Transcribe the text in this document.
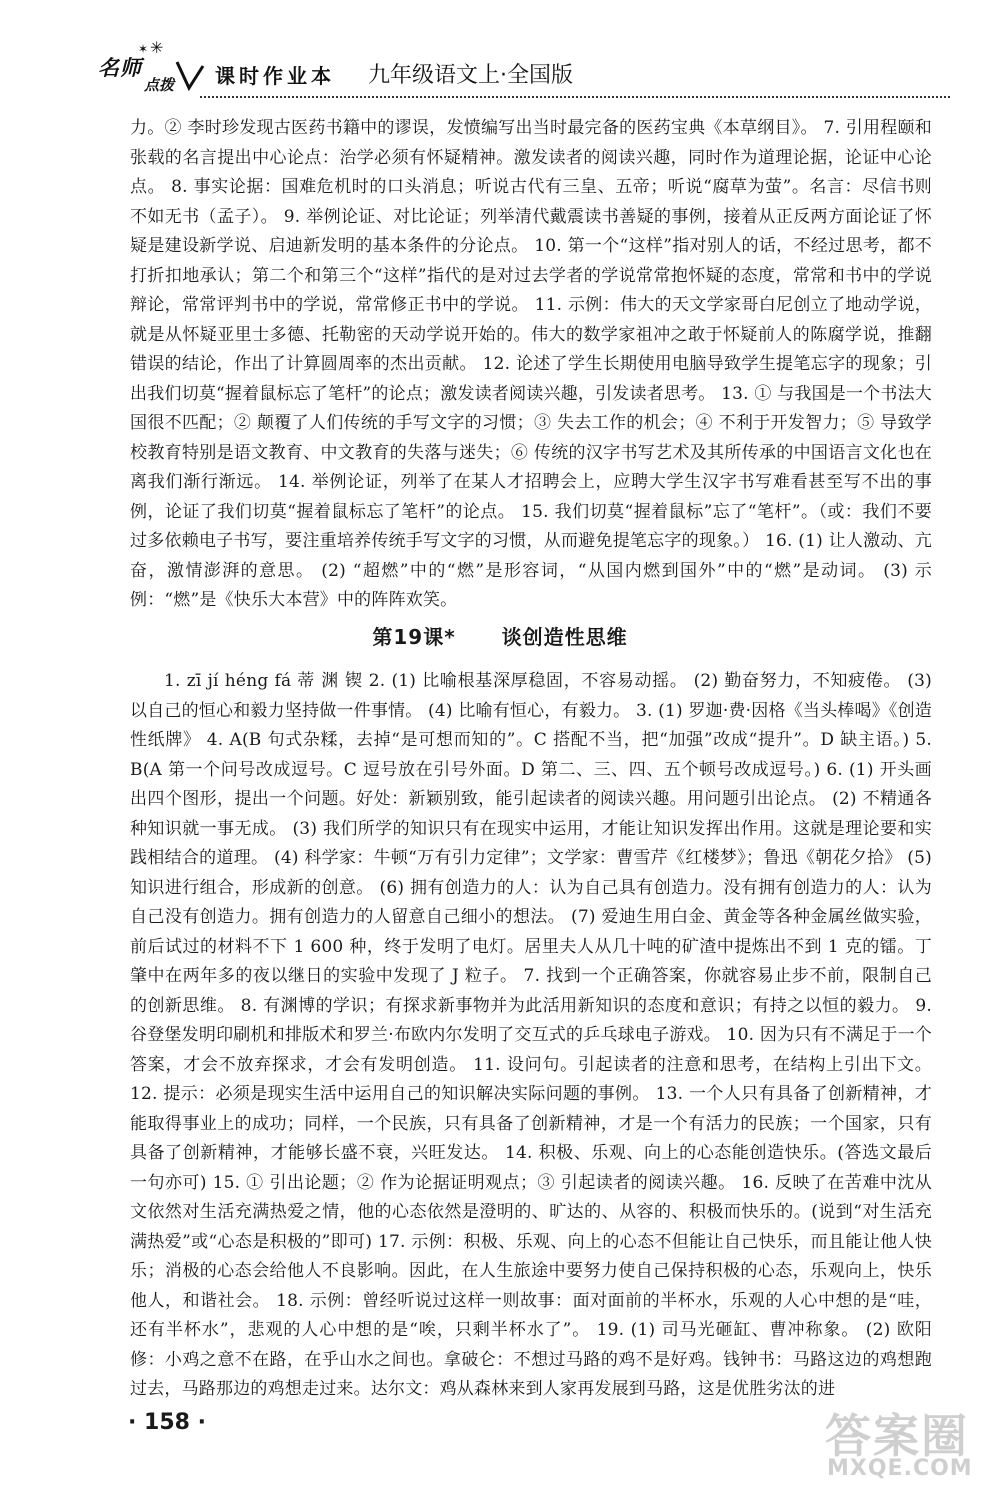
名师
点拨
✶ ✳
课时作业本 九年级语文上·全国版

力。② 李时珍发现古医药书籍中的谬误，发愤编写出当时最完备的医药宝典《本草纲目》。 7. 引用程颐和张载的名言提出中心论点：治学必须有怀疑精神。激发读者的阅读兴趣，同时作为道理论据，论证中心论点。 8. 事实论据：国难危机时的口头消息；听说古代有三皇、五帝；听说“腐草为萤”。名言：尽信书则不如无书（孟子）。 9. 举例论证、对比论证；列举清代戴震读书善疑的事例，接着从正反两方面论证了怀疑是建设新学说、启迪新发明的基本条件的分论点。 10. 第一个“这样”指对别人的话，不经过思考，都不打折扣地承认；第二个和第三个“这样”指代的是对过去学者的学说常常抱怀疑的态度，常常和书中的学说辩论，常常评判书中的学说，常常修正书中的学说。 11. 示例：伟大的天文学家哥白尼创立了地动学说，就是从怀疑亚里士多德、托勒密的天动学说开始的。伟大的数学家祖冲之敢于怀疑前人的陈腐学说，推翻错误的结论，作出了计算圆周率的杰出贡献。 12. 论述了学生长期使用电脑导致学生提笔忘字的现象；引出我们切莫“握着鼠标忘了笔杆”的论点；激发读者阅读兴趣，引发读者思考。 13. ① 与我国是一个书法大国很不匹配；② 颠覆了人们传统的手写文字的习惯；③ 失去工作的机会；④ 不利于开发智力；⑤ 导致学校教育特别是语文教育、中文教育的失落与迷失；⑥ 传统的汉字书写艺术及其所传承的中国语言文化也在离我们渐行渐远。 14. 举例论证，列举了在某人才招聘会上，应聘大学生汉字书写难看甚至写不出的事例，论证了我们切莫“握着鼠标忘了笔杆”的论点。 15. 我们切莫“握着鼠标”忘了“笔杆”。（或：我们不要过多依赖电子书写，要注重培养传统手写文字的习惯，从而避免提笔忘字的现象。） 16. (1) 让人激动、亢奋，激情澎湃的意思。 (2) “超燃”中的“燃”是形容词，“从国内燃到国外”中的“燃”是动词。 (3) 示例：“燃”是《快乐大本营》中的阵阵欢笑。

第19课* 谈创造性思维

1. zī jí héng fá 蒂 渊 锲 2. (1) 比喻根基深厚稳固，不容易动摇。 (2) 勤奋努力，不知疲倦。 (3) 以自己的恒心和毅力坚持做一件事情。 (4) 比喻有恒心，有毅力。 3. (1) 罗迦·费·因格《当头棒喝》《创造性纸牌》 4. A(B 句式杂糅，去掉“是可想而知的”。C 搭配不当，把“加强”改成“提升”。D 缺主语。) 5. B(A 第一个问号改成逗号。C 逗号放在引号外面。D 第二、三、四、五个顿号改成逗号。) 6. (1) 开头画出四个图形，提出一个问题。好处：新颖别致，能引起读者的阅读兴趣。用问题引出论点。 (2) 不精通各种知识就一事无成。 (3) 我们所学的知识只有在现实中运用，才能让知识发挥出作用。这就是理论要和实践相结合的道理。 (4) 科学家：牛顿“万有引力定律”；文学家：曹雪芹《红楼梦》；鲁迅《朝花夕拾》 (5) 知识进行组合，形成新的创意。 (6) 拥有创造力的人：认为自己具有创造力。没有拥有创造力的人：认为自己没有创造力。拥有创造力的人留意自己细小的想法。 (7) 爱迪生用白金、黄金等各种金属丝做实验，前后试过的材料不下 1 600 种，终于发明了电灯。居里夫人从几十吨的矿渣中提炼出不到 1 克的镭。丁肇中在两年多的夜以继日的实验中发现了 J 粒子。 7. 找到一个正确答案，你就容易止步不前，限制自己的创新思维。 8. 有渊博的学识；有探求新事物并为此活用新知识的态度和意识；有持之以恒的毅力。 9. 谷登堡发明印刷机和排版术和罗兰·布欧内尔发明了交互式的乒乓球电子游戏。 10. 因为只有不满足于一个答案，才会不放弃探求，才会有发明创造。 11. 设问句。引起读者的注意和思考，在结构上引出下文。 12. 提示：必须是现实生活中运用自己的知识解决实际问题的事例。 13. 一个人只有具备了创新精神，才能取得事业上的成功；同样，一个民族，只有具备了创新精神，才是一个有活力的民族；一个国家，只有具备了创新精神，才能够长盛不衰，兴旺发达。 14. 积极、乐观、向上的心态能创造快乐。(答选文最后一句亦可) 15. ① 引出论题；② 作为论据证明观点；③ 引起读者的阅读兴趣。 16. 反映了在苦难中沈从文依然对生活充满热爱之情，他的心态依然是澄明的、旷达的、从容的、积极而快乐的。(说到“对生活充满热爱”或“心态是积极的”即可) 17. 示例：积极、乐观、向上的心态不但能让自己快乐，而且能让他人快乐；消极的心态会给他人不良影响。因此，在人生旅途中要努力使自己保持积极的心态，乐观向上，快乐他人，和谐社会。 18. 示例：曾经听说过这样一则故事：面对面前的半杯水，乐观的人心中想的是“哇，还有半杯水”，悲观的人心中想的是“唉，只剩半杯水了”。 19. (1) 司马光砸缸、曹冲称象。 (2) 欧阳修：小鸡之意不在路，在乎山水之间也。拿破仑：不想过马路的鸡不是好鸡。钱钟书：马路这边的鸡想跑过去，马路那边的鸡想走过来。达尔文：鸡从森林来到人家再发展到马路，这是优胜劣汰的进

· 158 ·	答案圈
MXQE.COM
